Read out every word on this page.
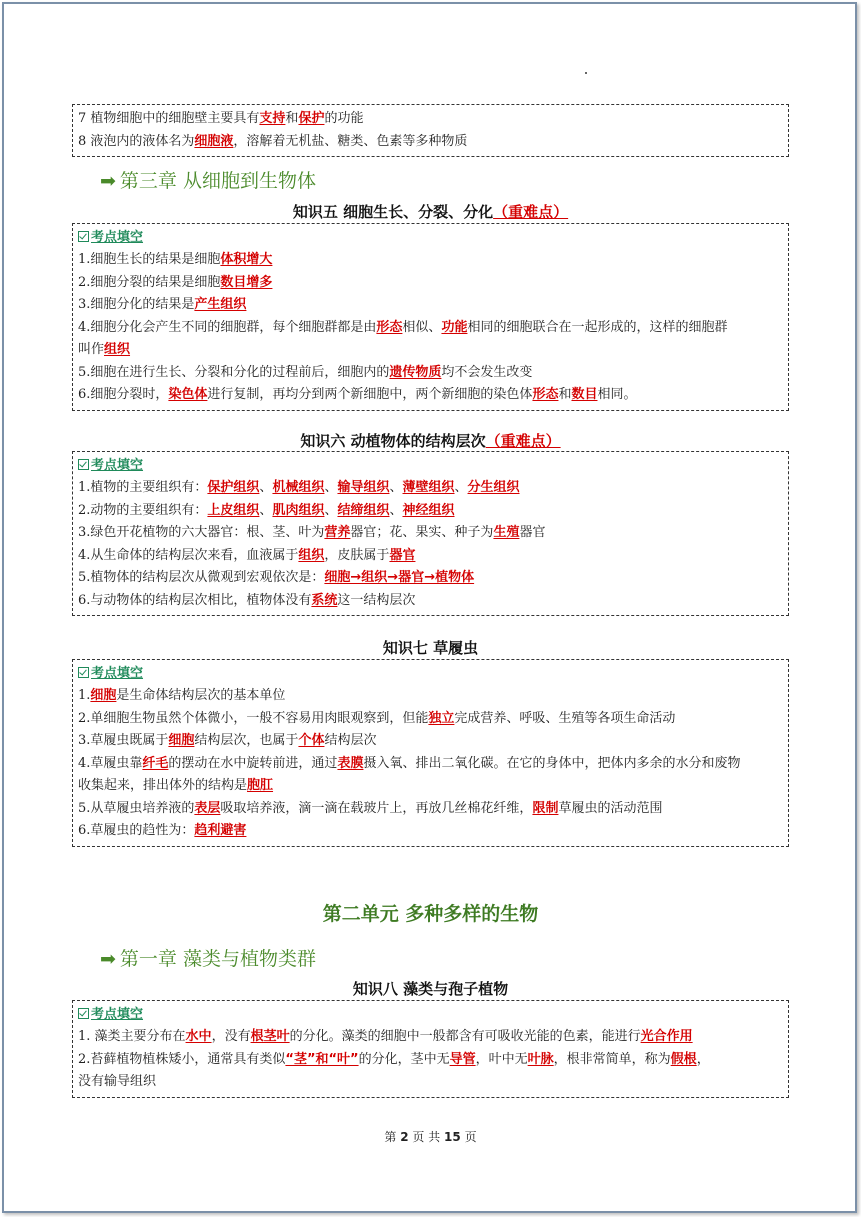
7 植物细胞中的细胞壁主要具有支持和保护的功能
8 液泡内的液体名为细胞液，溶解着无机盐、糖类、色素等多种物质
➡ 第三章 从细胞到生物体
知识五 细胞生长、分裂、分化（重难点）
考点填空
1.细胞生长的结果是细胞体积增大
2.细胞分裂的结果是细胞数目增多
3.细胞分化的结果是产生组织
4.细胞分化会产生不同的细胞群，每个细胞群都是由形态相似、功能相同的细胞联合在一起形成的，这样的细胞群
叫作组织
5.细胞在进行生长、分裂和分化的过程前后，细胞内的遗传物质均不会发生改变
6.细胞分裂时，染色体进行复制，再均分到两个新细胞中，两个新细胞的染色体形态和数目相同。
知识六 动植物体的结构层次（重难点）
考点填空
1.植物的主要组织有：保护组织、机械组织、输导组织、薄壁组织、分生组织
2.动物的主要组织有：上皮组织、肌肉组织、结缔组织、神经组织
3.绿色开花植物的六大器官：根、茎、叶为营养器官；花、果实、种子为生殖器官
4.从生命体的结构层次来看，血液属于组织，皮肤属于器官
5.植物体的结构层次从微观到宏观依次是：细胞→组织→器官→植物体
6.与动物体的结构层次相比，植物体没有系统这一结构层次
知识七 草履虫
考点填空
1.细胞是生命体结构层次的基本单位
2.单细胞生物虽然个体微小，一般不容易用肉眼观察到，但能独立完成营养、呼吸、生殖等各项生命活动
3.草履虫既属于细胞结构层次，也属于个体结构层次
4.草履虫靠纤毛的摆动在水中旋转前进，通过表膜摄入氧、排出二氧化碳。在它的身体中，把体内多余的水分和废物
收集起来，排出体外的结构是胞肛
5.从草履虫培养液的表层吸取培养液，滴一滴在载玻片上，再放几丝棉花纤维，限制草履虫的活动范围
6.草履虫的趋性为：趋利避害
第二单元 多种多样的生物
➡ 第一章 藻类与植物类群
知识八 藻类与孢子植物
考点填空
1. 藻类主要分布在水中，没有根茎叶的分化。藻类的细胞中一般都含有可吸收光能的色素，能进行光合作用
2.苔藓植物植株矮小，通常具有类似“茎”和“叶”的分化，茎中无导管，叶中无叶脉，根非常简单，称为假根，
没有输导组织
第 2 页 共 15 页
